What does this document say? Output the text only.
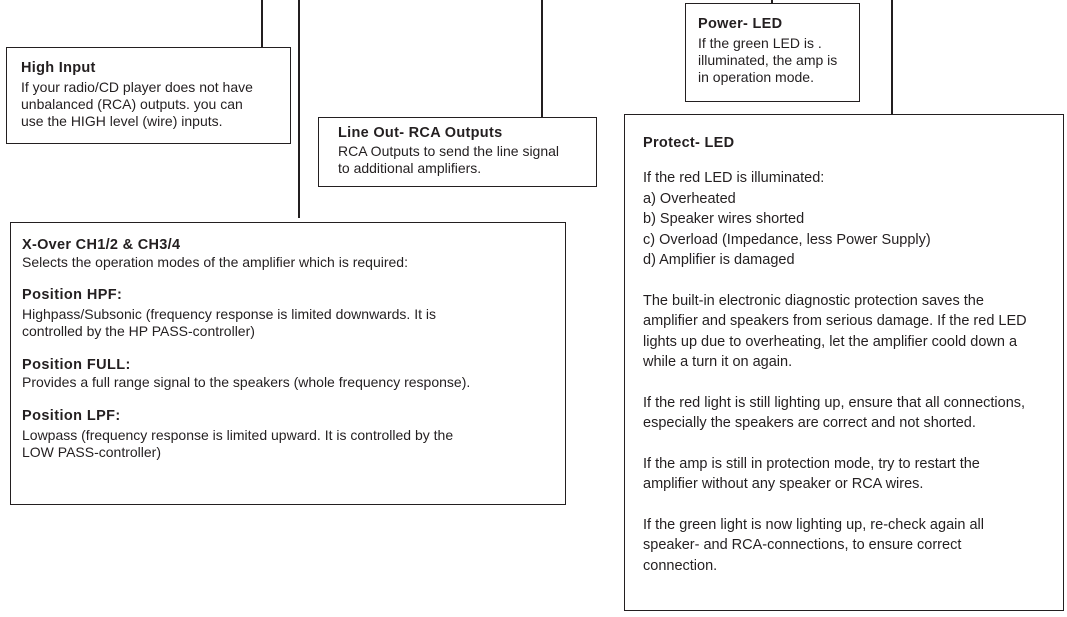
High Input
If your radio/CD player does not have
unbalanced (RCA) outputs. you can
use the HIGH level (wire) inputs.
Power- LED
If the green LED is .
illuminated, the amp is
in operation mode.
Line Out- RCA Outputs
RCA Outputs to send the line signal
to additional amplifiers.
X-Over CH1/2 & CH3/4
Selects the operation modes of the amplifier which is required:
Position HPF:
Highpass/Subsonic (frequency response is limited downwards. It is
controlled by the HP PASS-controller)
Position FULL:
Provides a full range signal to the speakers (whole frequency response).
Position LPF:
Lowpass (frequency response is limited upward. It is controlled by the
LOW PASS-controller)
Protect- LED
If the red LED is illuminated:
a) Overheated
b) Speaker wires shorted
c) Overload (Impedance, less Power Supply)
d) Amplifier is damaged
The built-in electronic diagnostic protection saves the
amplifier and speakers from serious damage. If the red LED
lights up due to overheating, let the amplifier coold down a
while a turn it on again.
If the red light is still lighting up, ensure that all connections,
especially the speakers are correct and not shorted.
If the amp is still in protection mode, try to restart the
amplifier without any speaker or RCA wires.
If the green light is now lighting up, re-check again all
speaker- and RCA-connections, to ensure correct
connection.
